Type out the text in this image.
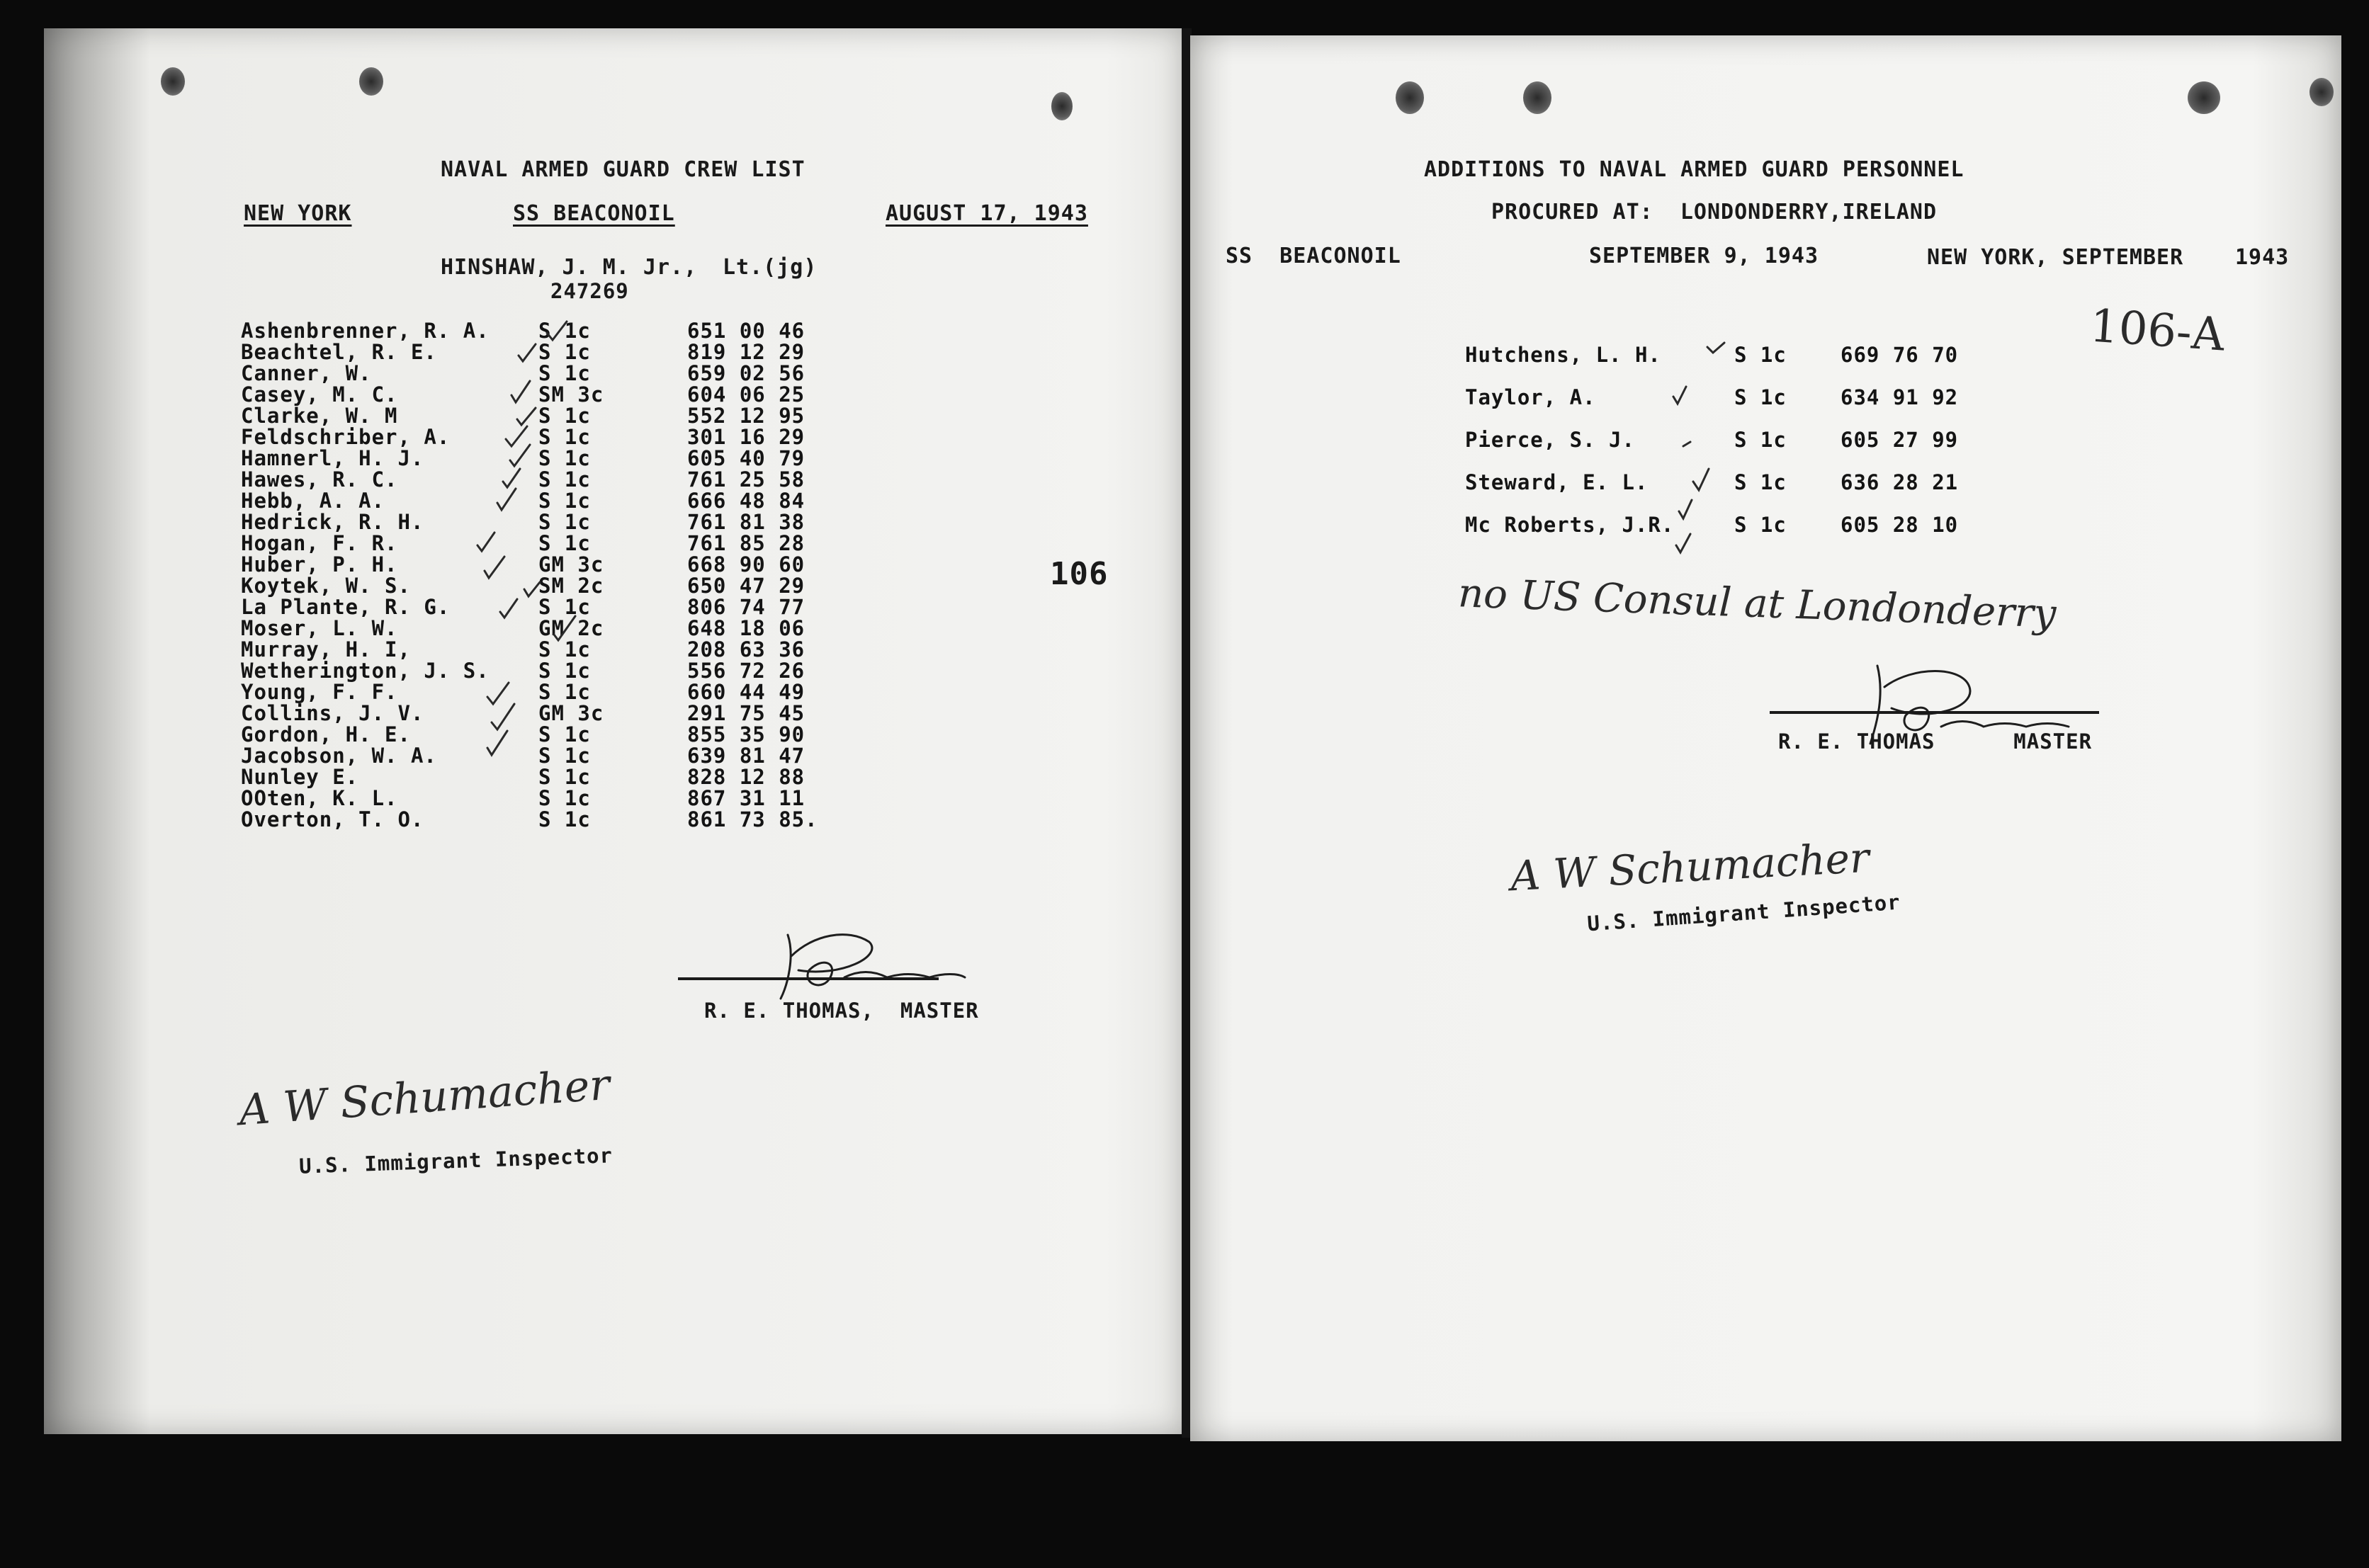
NAVAL ARMED GUARD CREW LIST
NEW YORK	SS BEACONOIL	AUGUST 17, 1943
HINSHAW, J. M. Jr., Lt.(jg)
247269
Ashenbrenner, R. A. S 1c	651 00 46
Beachtel, R. E.	S 1c	819 12 29
Canner, W.	S 1c	659 02 56
Casey, M. C.	SM 3c	604 06 25
Clarke, W. M	S 1c	552 12 95
Feldschriber, A.	S 1c	301 16 29
Hamnerl, H. J.	S 1c	605 40 79
Hawes, R. C.	S 1c	761 25 58
Hebb, A. A.	S 1c	666 48 84
Hedrick, R. H.	S 1c	761 81 38
Hogan, F. R.	S 1c	761 85 28
Huber, P. H.	GM 3c	668 90 60
Koytek, W. S.	SM 2c	650 47 29
La Plante, R. G.	S 1c	806 74 77
Moser, L. W.	GM 2c	648 18 06
Murray, H. I,	S 1c	208 63 36
Wetherington, J. S. S 1c	556 72 26
Young, F. F.	S 1c	660 44 49
Collins, J. V.	GM 3c	291 75 45
Gordon, H. E.	S 1c	855 35 90
Jacobson, W. A.	S 1c	639 81 47
Nunley E.	S 1c	828 12 88
OOten, K. L.	S 1c	867 31 11
Overton, T. O.	S 1c	861 73 85.
106
R. E. THOMAS,  MASTER
A W Schumacher
U.S. Immigrant Inspector
ADDITIONS TO NAVAL ARMED GUARD PERSONNEL
PROCURED AT:  LONDONDERRY,IRELAND
SS  BEACONOIL	SEPTEMBER 9, 1943	NEW YORK, SEPTEMBER 1943
106-A
Hutchens, L. H.	S 1c	669 76 70
Taylor, A.	S 1c	634 91 92
Pierce, S. J.	S 1c	605 27 99
Steward, E. L.	S 1c	636 28 21
Mc Roberts, J.R.	S 1c	605 28 10
no US Consul at Londonderry
R. E. THOMAS      MASTER
A W Schumacher
U.S. Immigrant Inspector
